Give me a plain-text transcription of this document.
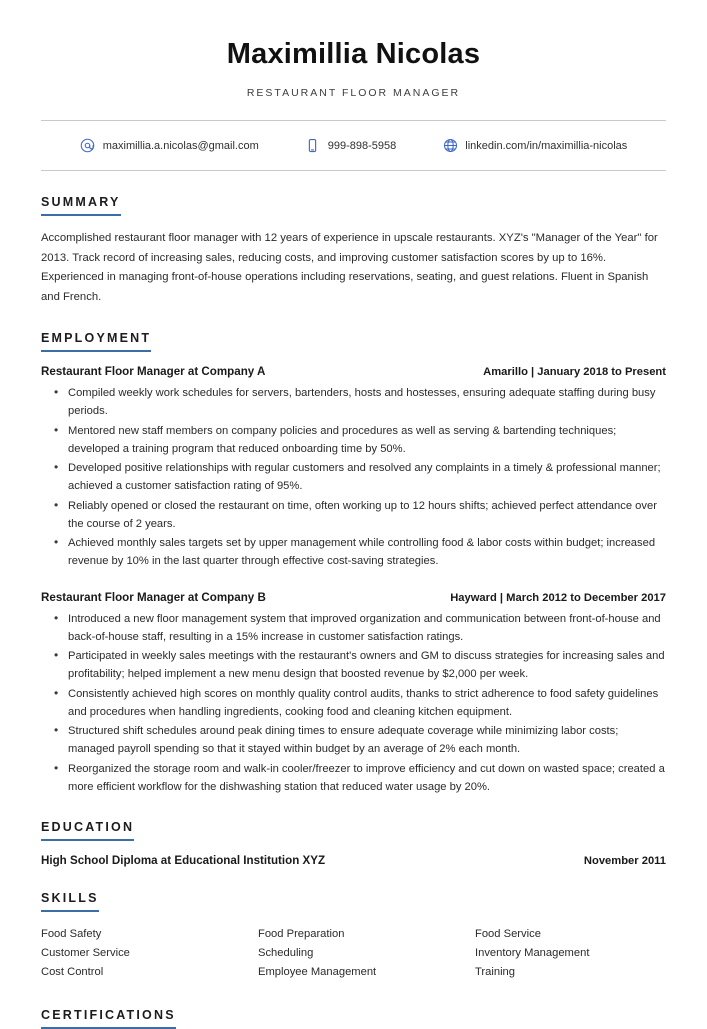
Maximillia Nicolas
RESTAURANT FLOOR MANAGER
maximillia.a.nicolas@gmail.com	999-898-5958	linkedin.com/in/maximillia-nicolas
SUMMARY
Accomplished restaurant floor manager with 12 years of experience in upscale restaurants. XYZ's "Manager of the Year" for 2013. Track record of increasing sales, reducing costs, and improving customer satisfaction scores by up to 16%. Experienced in managing front-of-house operations including reservations, seating, and guest relations. Fluent in Spanish and French.
EMPLOYMENT
Restaurant Floor Manager at Company A	Amarillo | January 2018 to Present
• Compiled weekly work schedules for servers, bartenders, hosts and hostesses, ensuring adequate staffing during busy periods.
• Mentored new staff members on company policies and procedures as well as serving & bartending techniques; developed a training program that reduced onboarding time by 50%.
• Developed positive relationships with regular customers and resolved any complaints in a timely & professional manner; achieved a customer satisfaction rating of 95%.
• Reliably opened or closed the restaurant on time, often working up to 12 hours shifts; achieved perfect attendance over the course of 2 years.
• Achieved monthly sales targets set by upper management while controlling food & labor costs within budget; increased revenue by 10% in the last quarter through effective cost-saving strategies.
Restaurant Floor Manager at Company B	Hayward | March 2012 to December 2017
• Introduced a new floor management system that improved organization and communication between front-of-house and back-of-house staff, resulting in a 15% increase in customer satisfaction ratings.
• Participated in weekly sales meetings with the restaurant's owners and GM to discuss strategies for increasing sales and profitability; helped implement a new menu design that boosted revenue by $2,000 per week.
• Consistently achieved high scores on monthly quality control audits, thanks to strict adherence to food safety guidelines and procedures when handling ingredients, cooking food and cleaning kitchen equipment.
• Structured shift schedules around peak dining times to ensure adequate coverage while minimizing labor costs; managed payroll spending so that it stayed within budget by an average of 2% each month.
• Reorganized the storage room and walk-in cooler/freezer to improve efficiency and cut down on wasted space; created a more efficient workflow for the dishwashing station that reduced water usage by 20%.
EDUCATION
High School Diploma at Educational Institution XYZ	November 2011
SKILLS
Food Safety	Food Preparation	Food Service
Customer Service	Scheduling	Inventory Management
Cost Control	Employee Management	Training
CERTIFICATIONS
